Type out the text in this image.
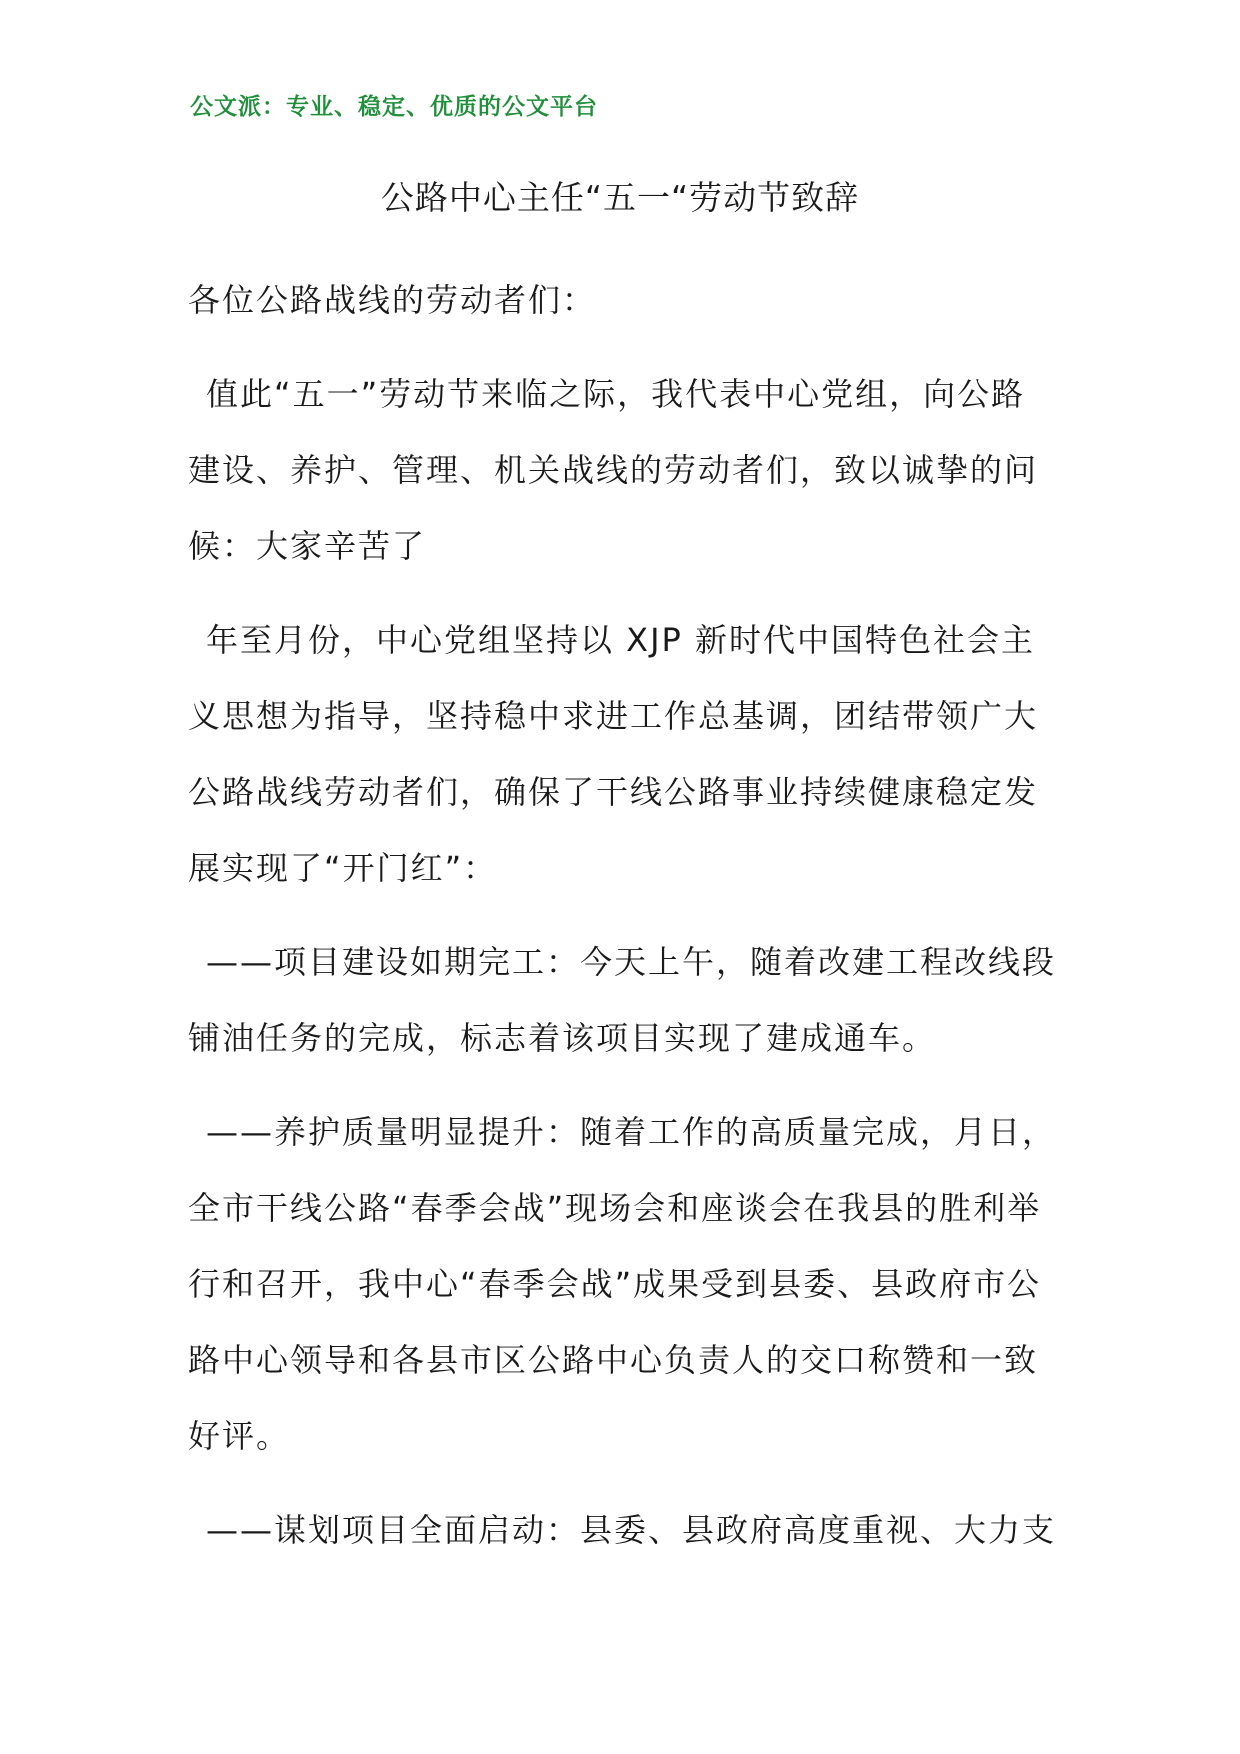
公文派：专业、稳定、优质的公文平台
公路中心主任“五一“劳动节致辞

各位公路战线的劳动者们：

值此“五一”劳动节来临之际，我代表中心党组，向公路建设、养护、管理、机关战线的劳动者们，致以诚挚的问候：大家辛苦了

年至月份，中心党组坚持以 XJP 新时代中国特色社会主义思想为指导，坚持稳中求进工作总基调，团结带领广大公路战线劳动者们，确保了干线公路事业持续健康稳定发展实现了“开门红”：

——项目建设如期完工：今天上午，随着改建工程改线段铺油任务的完成，标志着该项目实现了建成通车。

——养护质量明显提升：随着工作的高质量完成，月日，全市干线公路“春季会战”现场会和座谈会在我县的胜利举行和召开，我中心“春季会战”成果受到县委、县政府市公路中心领导和各县市区公路中心负责人的交口称赞和一致好评。

——谋划项目全面启动：县委、县政府高度重视、大力支
